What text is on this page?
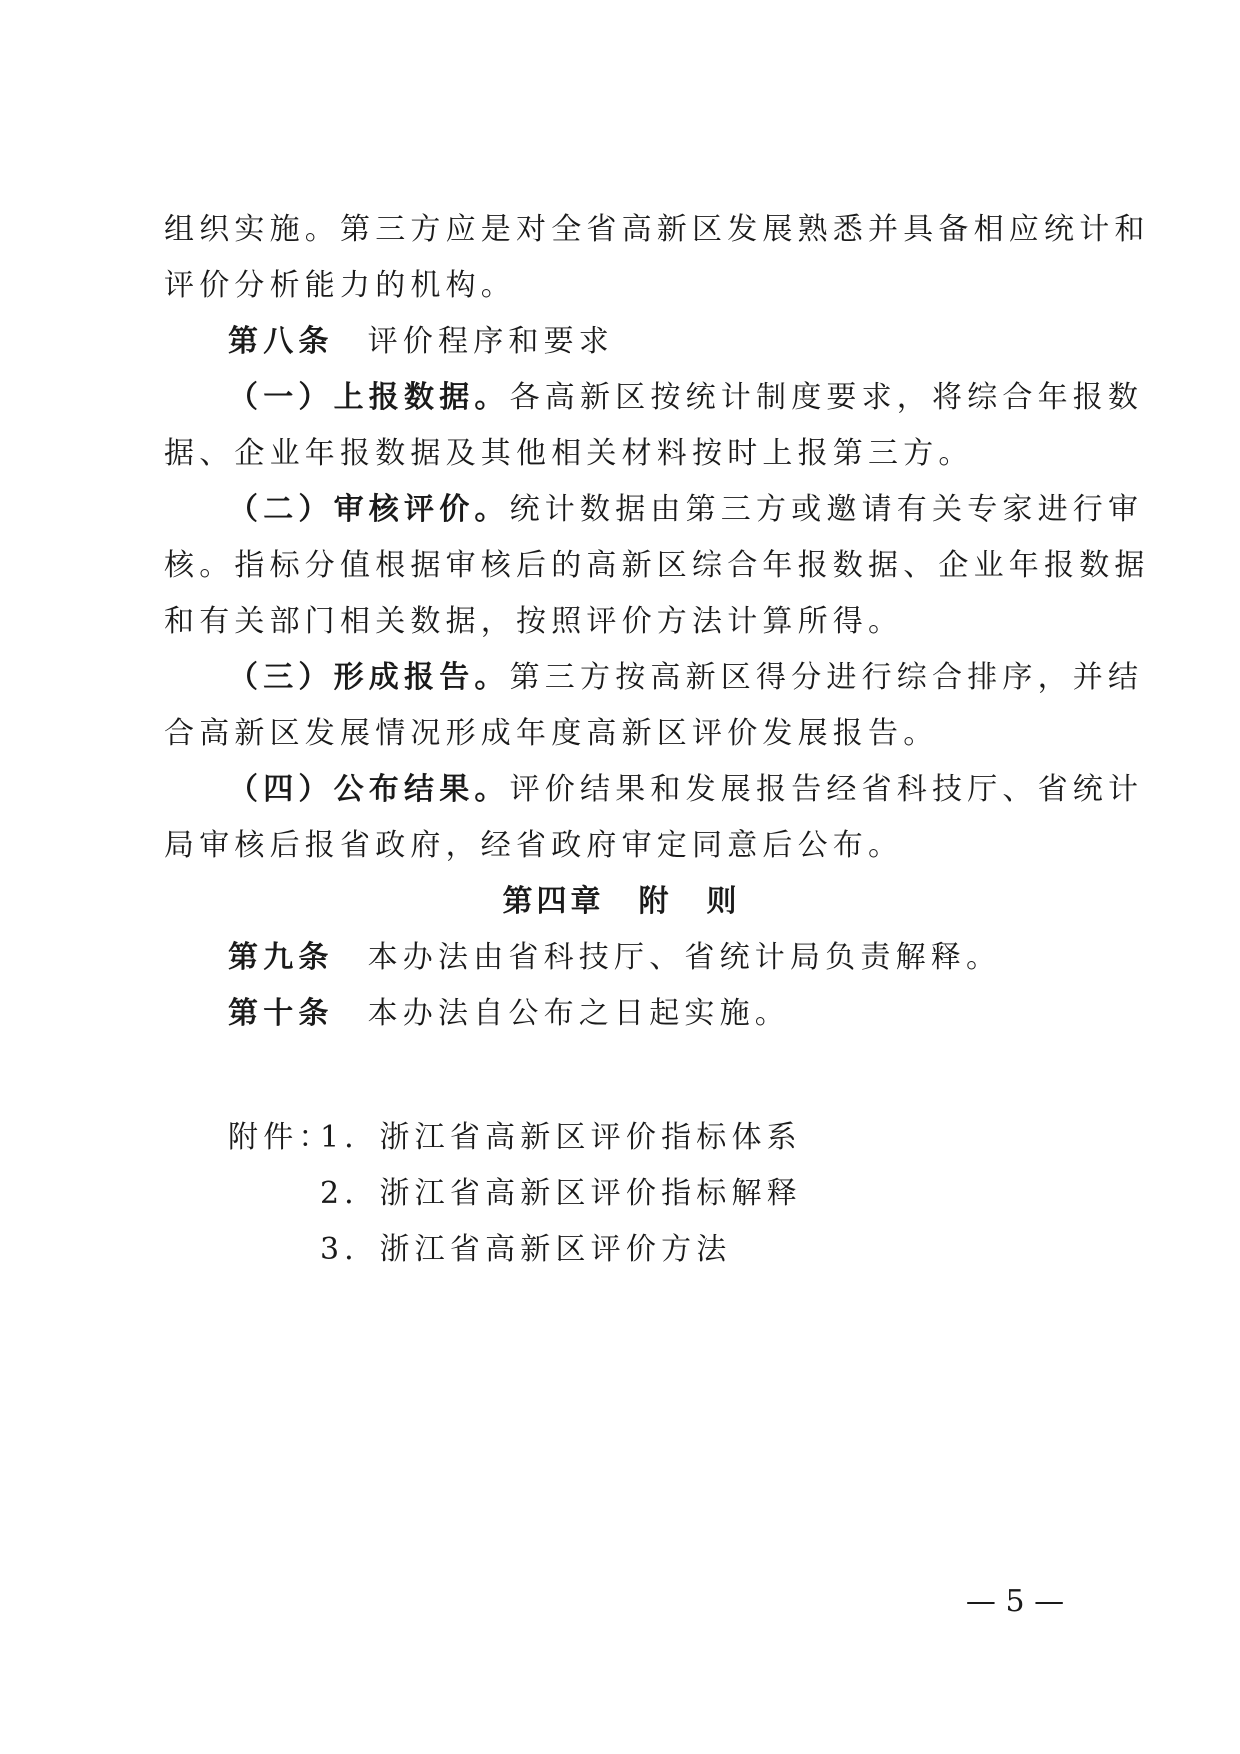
组织实施。第三方应是对全省高新区发展熟悉并具备相应统计和
评价分析能力的机构。
第八条 评价程序和要求
（一）上报数据。各高新区按统计制度要求，将综合年报数
据、企业年报数据及其他相关材料按时上报第三方。
（二）审核评价。统计数据由第三方或邀请有关专家进行审
核。指标分值根据审核后的高新区综合年报数据、企业年报数据
和有关部门相关数据，按照评价方法计算所得。
（三）形成报告。第三方按高新区得分进行综合排序，并结
合高新区发展情况形成年度高新区评价发展报告。
（四）公布结果。评价结果和发展报告经省科技厅、省统计
局审核后报省政府，经省政府审定同意后公布。
第四章　附　则
第九条 本办法由省科技厅、省统计局负责解释。
第十条 本办法自公布之日起实施。
附件：
1．浙江省高新区评价指标体系
2．浙江省高新区评价指标解释
3．浙江省高新区评价方法
— 5 —
